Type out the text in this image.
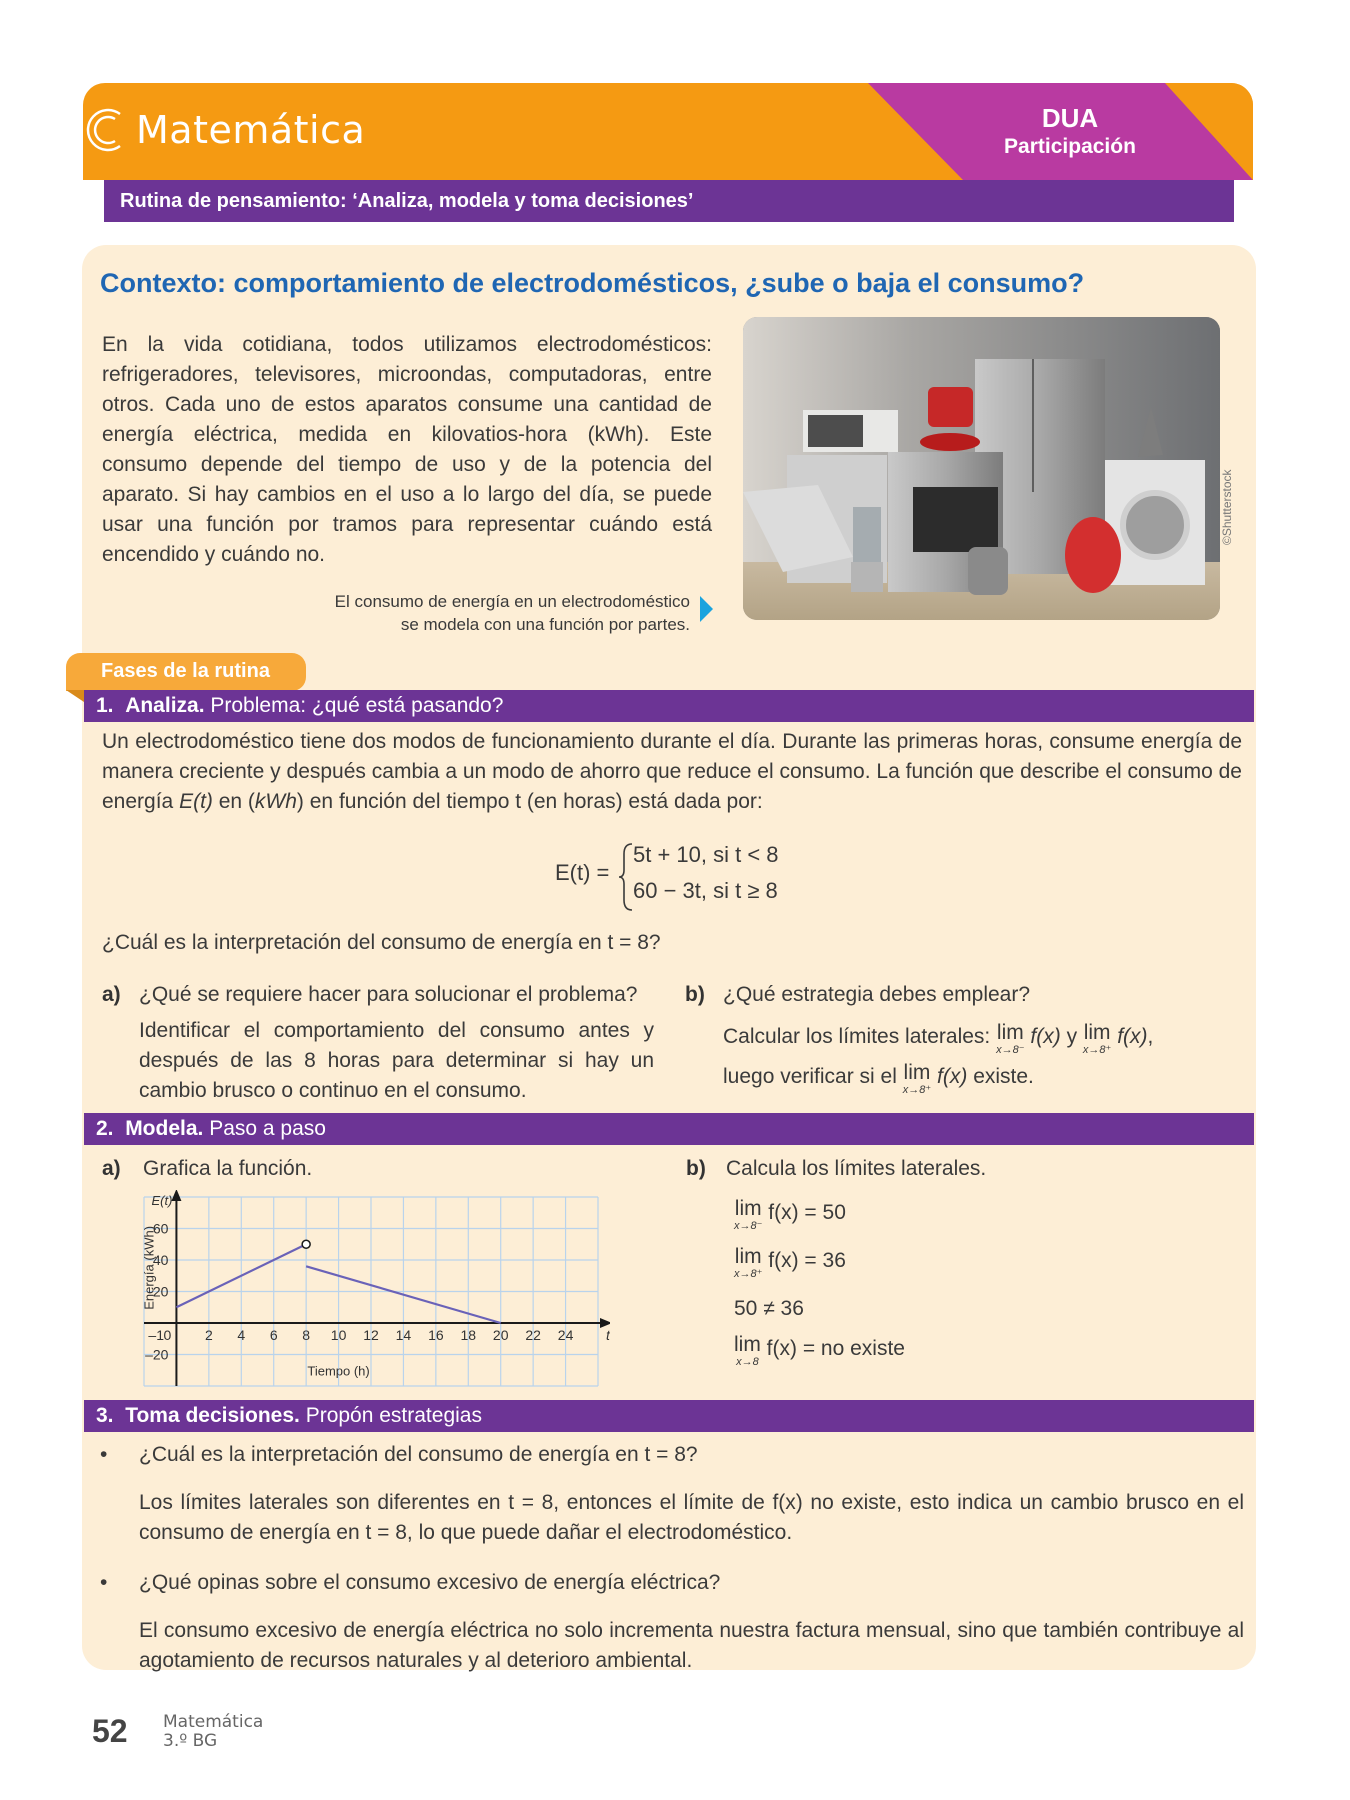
Matemática	DUA
Participación
Rutina de pensamiento: ‘Analiza, modela y toma decisiones’
Contexto: comportamiento de electrodomésticos, ¿sube o baja el consumo?
En la vida cotidiana, todos utilizamos electrodomésticos: refrigeradores, televisores, microondas, computadoras, entre otros. Cada uno de estos aparatos consume una cantidad de energía eléctrica, medida en kilovatios-hora (kWh). Este consumo depende del tiempo de uso y de la potencia del aparato. Si hay cambios en el uso a lo largo del día, se puede usar una función por tramos para representar cuándo está encendido y cuándo no.
El consumo de energía en un electrodoméstico
se modela con una función por partes.
©Shutterstock
Fases de la rutina
1. Analiza. Problema: ¿qué está pasando?
Un electrodoméstico tiene dos modos de funcionamiento durante el día. Durante las primeras horas, consume energía de manera creciente y después cambia a un modo de ahorro que reduce el consumo. La función que describe el consumo de energía E(t) en (kWh) en función del tiempo t (en horas) está dada por:
E(t) =
5t + 10, si t < 8
60 − 3t, si t ≥ 8
¿Cuál es la interpretación del consumo de energía en t = 8?
a) ¿Qué se requiere hacer para solucionar el problema?
Identificar el comportamiento del consumo antes y después de las 8 horas para determinar si hay un cambio brusco o continuo en el consumo.
b) ¿Qué estrategia debes emplear?
Calcular los límites laterales: lim
x→8⁻
f(x) y lim
x→8⁺
f(x),
luego verificar si el lim
x→8⁺
f(x) existe.
2. Modela. Paso a paso
a) Grafica la función.	b) Calcula los límites laterales.
–1 0 2 4 6 8 10 12 14 16 18 20 22 24
–20
20
40
60
t
E(t)
Tiempo (h)
Energía (kWh)
lim
x→8⁻
f(x) = 50
lim
x→8⁺
f(x) = 36
50 ≠ 36
lim
x→8
f(x) = no existe
3. Toma decisiones. Propón estrategias
• ¿Cuál es la interpretación del consumo de energía en t = 8?
Los límites laterales son diferentes en t = 8, entonces el límite de f(x) no existe, esto indica un cambio brusco en el consumo de energía en t = 8, lo que puede dañar el electrodoméstico.
• ¿Qué opinas sobre el consumo excesivo de energía eléctrica?
El consumo excesivo de energía eléctrica no solo incrementa nuestra factura mensual, sino que también contribuye al agotamiento de recursos naturales y al deterioro ambiental.
52 Matemática
3.º BG
